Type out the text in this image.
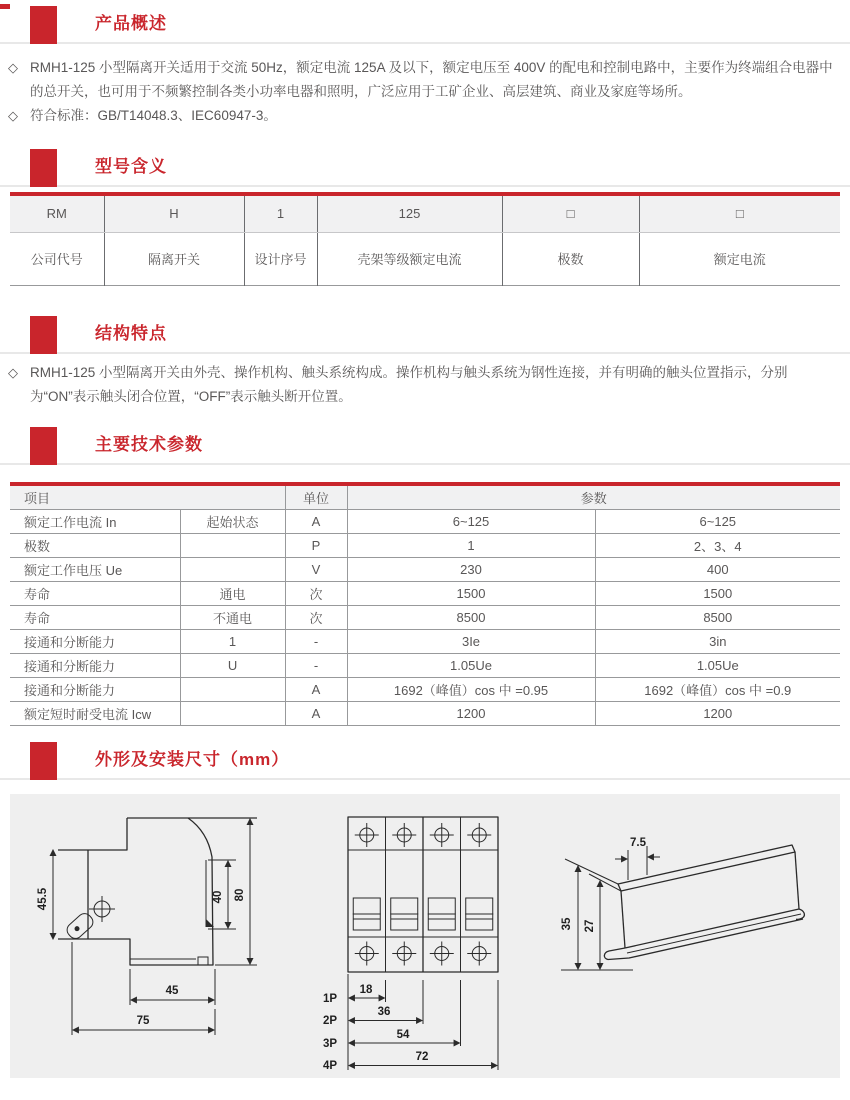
产品概述
◇ RMH1-125 小型隔离开关适用于交流 50Hz，额定电流 125A 及以下，额定电压至 400V 的配电和控制电路中，主要作为终端组合电器中的总开关，也可用于不频繁控制各类小功率电器和照明，广泛应用于工矿企业、高层建筑、商业及家庭等场所。
◇ 符合标准：GB/T14048.3、IEC60947-3。
型号含义
RM	H	1	125	□	□
公司代号	隔离开关	设计序号	壳架等级额定电流	极数	额定电流
结构特点
◇ RMH1-125 小型隔离开关由外壳、操作机构、触头系统构成。操作机构与触头系统为钢性连接，并有明确的触头位置指示，分别为“ON”表示触头闭合位置，“OFF”表示触头断开位置。
主要技术参数
项目		单位	参数	
额定工作电流 In	起始状态	A	6~125	6~125
极数		P	1	2、3、4
额定工作电压 Ue		V	230	400
寿命	通电	次	1500	1500
寿命	不通电	次	8500	8500
接通和分断能力	1	-	3Ie	3in
接通和分断能力	U	-	1.05Ue	1.05Ue
接通和分断能力		A	1692（峰值）cos 中 =0.95	1692（峰值）cos 中 =0.9
额定短时耐受电流 Icw		A	1200	1200
外形及安装尺寸（mm）
45.5	40 80
45
75
18
36
54
72
1P
2P
3P
4P
7.5
35 27
